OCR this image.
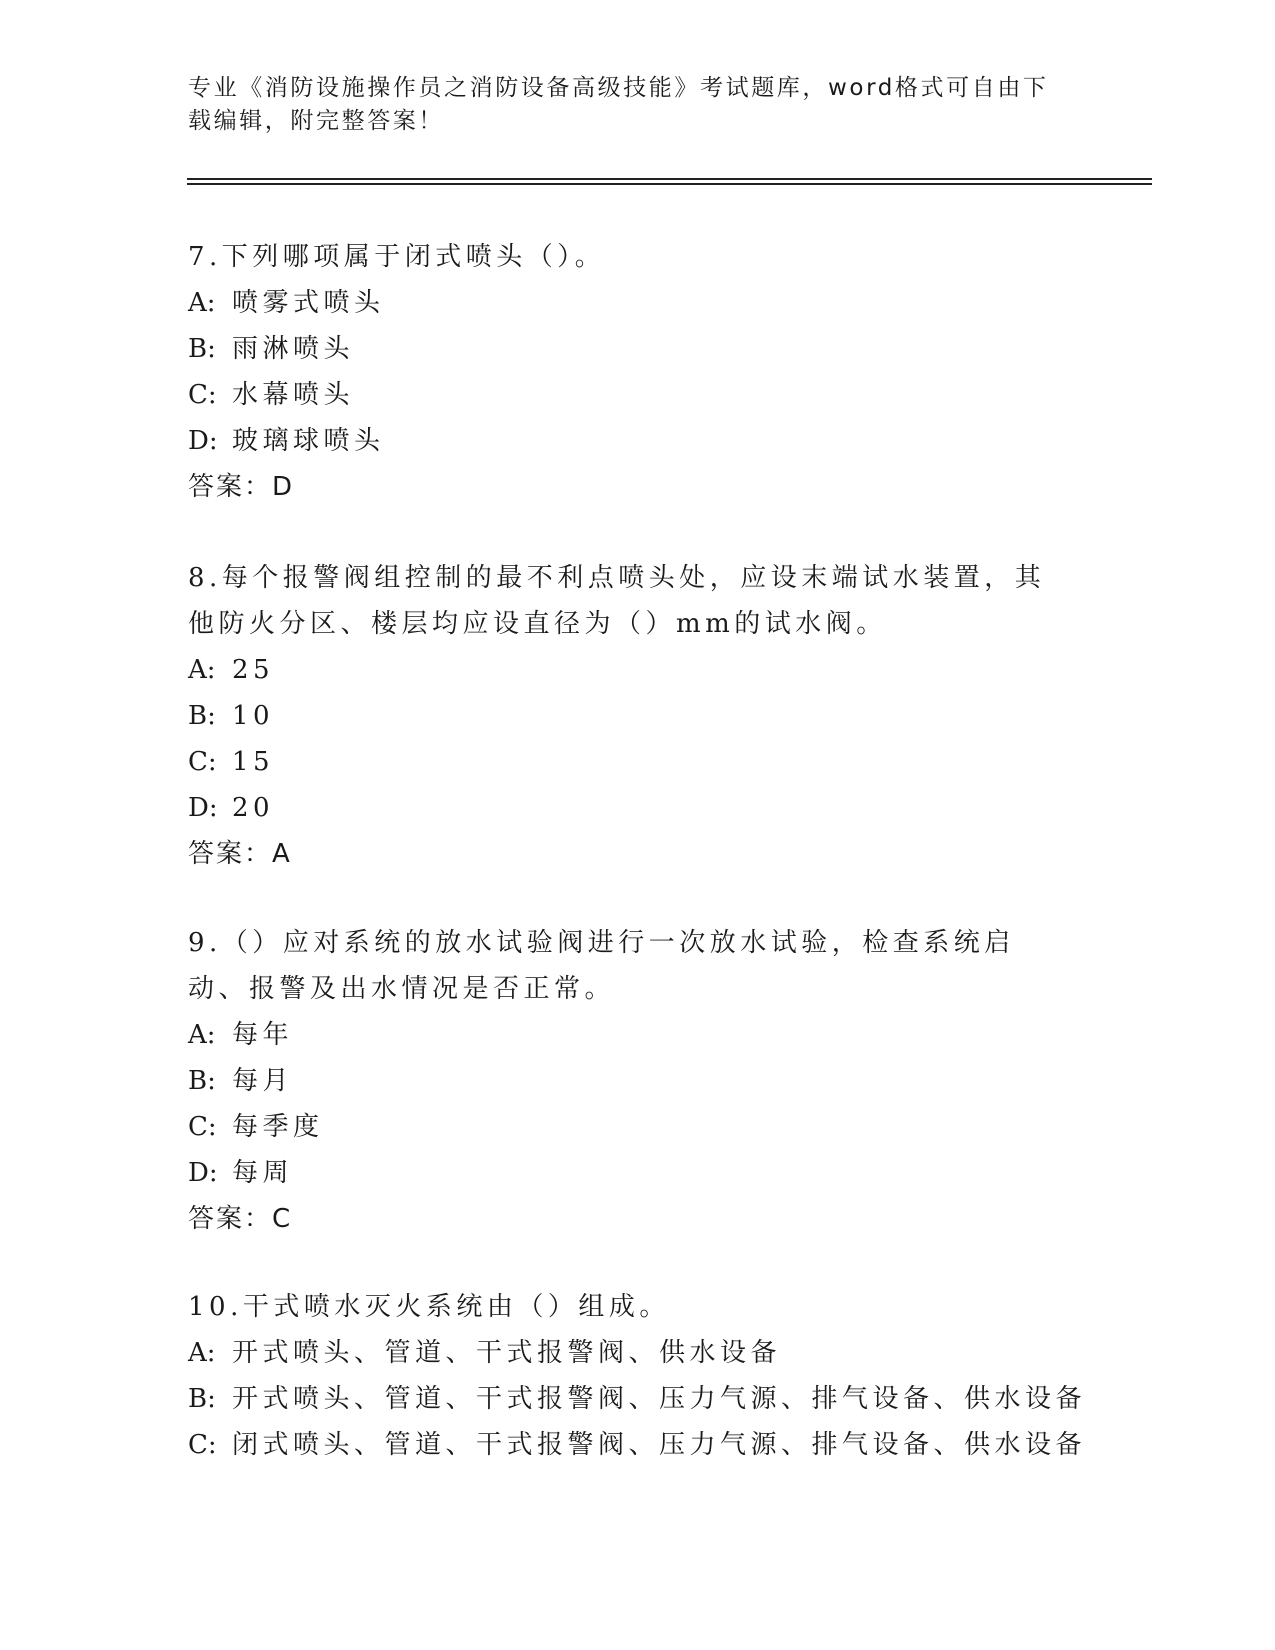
专业《消防设施操作员之消防设备高级技能》考试题库，word格式可自由下载编辑，附完整答案！

7.下列哪项属于闭式喷头（）。

A: 喷雾式喷头

B: 雨淋喷头

C: 水幕喷头

D: 玻璃球喷头

答案：D

8.每个报警阀组控制的最不利点喷头处，应设末端试水装置，其他防火分区、楼层均应设直径为（）mm的试水阀。

A: 25

B: 10

C: 15

D: 20

答案：A

9.（）应对系统的放水试验阀进行一次放水试验，检查系统启动、报警及出水情况是否正常。

A: 每年

B: 每月

C: 每季度

D: 每周

答案：C

10.干式喷水灭火系统由（）组成。

A: 开式喷头、管道、干式报警阀、供水设备

B: 开式喷头、管道、干式报警阀、压力气源、排气设备、供水设备

C: 闭式喷头、管道、干式报警阀、压力气源、排气设备、供水设备
